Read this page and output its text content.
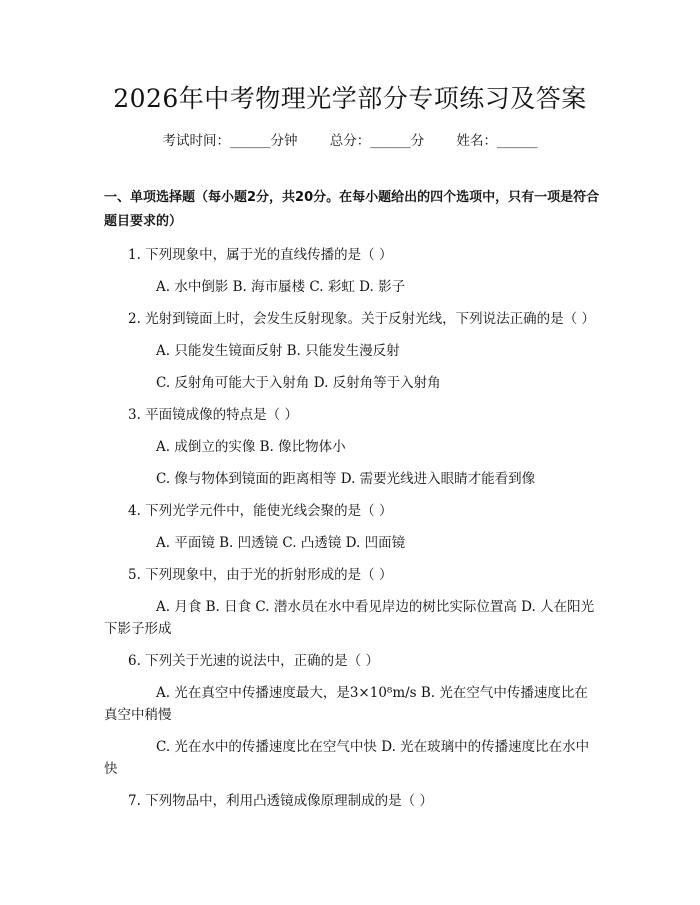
2026年中考物理光学部分专项练习及答案
考试时间：______分钟 总分：______分 姓名：______
一、单项选择题（每小题2分，共20分。在每小题给出的四个选项中，只有一项是符合题目要求的）

1. 下列现象中，属于光的直线传播的是（ ）

A. 水中倒影 B. 海市蜃楼 C. 彩虹 D. 影子

2. 光射到镜面上时，会发生反射现象。关于反射光线，下列说法正确的是（ ）

A. 只能发生镜面反射 B. 只能发生漫反射

C. 反射角可能大于入射角 D. 反射角等于入射角

3. 平面镜成像的特点是（ ）

A. 成倒立的实像 B. 像比物体小

C. 像与物体到镜面的距离相等 D. 需要光线进入眼睛才能看到像

4. 下列光学元件中，能使光线会聚的是（ ）

A. 平面镜 B. 凹透镜 C. 凸透镜 D. 凹面镜

5. 下列现象中，由于光的折射形成的是（ ）

A. 月食 B. 日食 C. 潜水员在水中看见岸边的树比实际位置高 D. 人在阳光下影子形成

6. 下列关于光速的说法中，正确的是（ ）

A. 光在真空中传播速度最大，是3×10⁸m/s B. 光在空气中传播速度比在真空中稍慢

C. 光在水中的传播速度比在空气中快 D. 光在玻璃中的传播速度比在水中快

7. 下列物品中，利用凸透镜成像原理制成的是（ ）
